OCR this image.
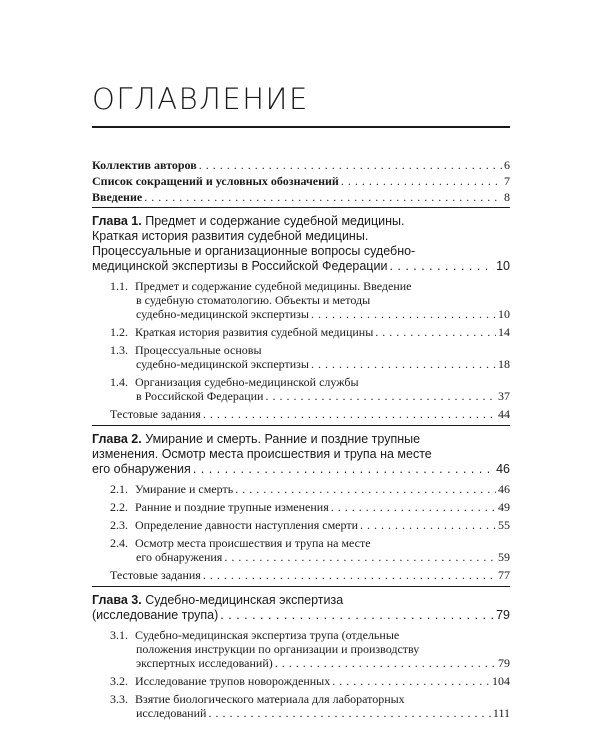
ОГЛАВЛЕНИЕ
Коллектив авторов . . .	6
Список сокращений и условных обозначений . . .	7
Введение . . .	8
Глава 1. Предмет и содержание судебной медицины.
Краткая история развития судебной медицины.
Процессуальные и организационные вопросы судебно-
медицинской экспертизы в Российской Федерации . . .	10
1.1. Предмет и содержание судебной медицины. Введение
в судебную стоматологию. Объекты и методы
судебно-медицинской экспертизы . . .	10
1.2. Краткая история развития судебной медицины . . .	14
1.3. Процессуальные основы
судебно-медицинской экспертизы . . .	18
1.4. Организация судебно-медицинской службы
в Российской Федерации . . .	37
Тестовые задания . . .	44
Глава 2. Умирание и смерть. Ранние и поздние трупные
изменения. Осмотр места происшествия и трупа на месте
его обнаружения . . .	46
2.1. Умирание и смерть . . .	46
2.2. Ранние и поздние трупные изменения . . .	49
2.3. Определение давности наступления смерти . . .	55
2.4. Осмотр места происшествия и трупа на месте
его обнаружения . . .	59
Тестовые задания . . .	77
Глава 3. Судебно-медицинская экспертиза
(исследование трупа) . . .	79
3.1. Судебно-медицинская экспертиза трупа (отдельные
положения инструкции по организации и производству
экспертных исследований) . . .	79
3.2. Исследование трупов новорожденных . . .	104
3.3. Взятие биологического материала для лабораторных
исследований . . .	111
